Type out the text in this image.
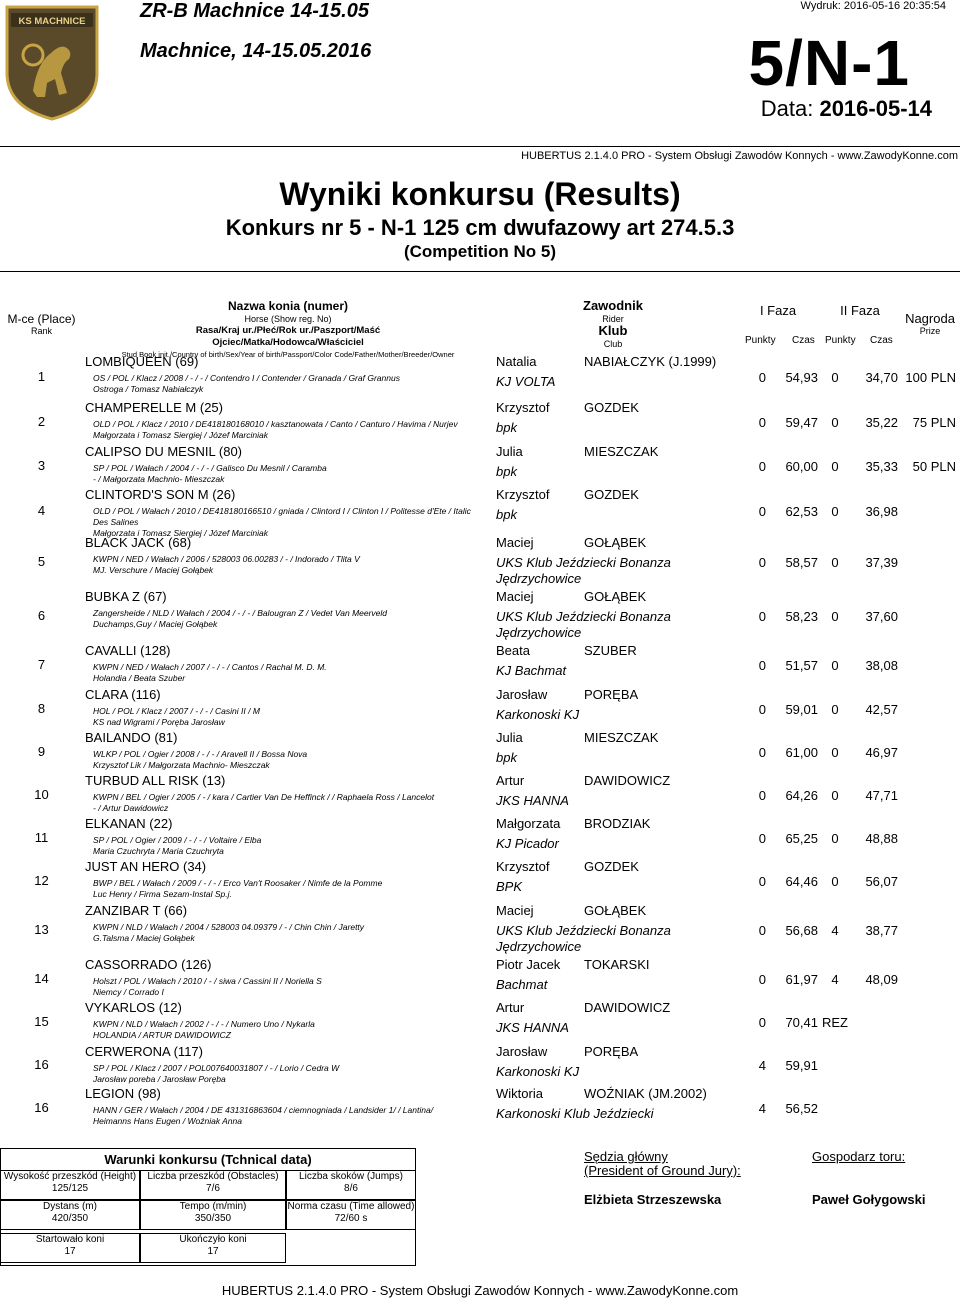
KS MACHNICE	ZR-B Machnice 14-15.05
Machnice, 14-15.05.2016
Wydruk: 2016-05-16 20:35:54
5/N-1
Data: 2016-05-14
HUBERTUS 2.1.4.0 PRO - System Obsługi Zawodów Konnych - www.ZawodyKonne.com
Wyniki konkursu (Results)
Konkurs nr 5 - N-1 125 cm dwufazowy art 274.5.3
(Competition No 5)
M-ce (Place)
Rank
Nazwa konia (numer)
Horse (Show reg. No)
Rasa/Kraj ur./Płeć/Rok ur./Paszport/Maść
Ojciec/Matka/Hodowca/Właściciel
Stud Book init./Country of birth/Sex/Year of birth/Passport/Color Code/Father/Mother/Breeder/Owner
Zawodnik
Rider
Klub
Club
I Faza	II Faza
Nagroda
Prize
Punkty Czas Punkty Czas
1
LOMBIQUEEN (69)
OS / POL / Klacz / 2008 / - / - / Contendro I / Contender / Granada / Graf Grannus
Ostroga / Tomasz Nabiałczyk
Natalia	NABIAŁCZYK (J.1999)
KJ VOLTA	0	54,93	0	34,70 100 PLN
2
CHAMPERELLE M (25)
OLD / POL / Klacz / 2010 / DE418180168010 / kasztanowata / Canto / Canturo / Havima / Nurjev
Małgorzata i Tomasz Siergiej / Józef Marciniak
Krzysztof	GOZDEK
bpk	0	59,47	0	35,22	75 PLN
3
CALIPSO DU MESNIL (80)
SP / POL / Wałach / 2004 / - / - / Galisco Du Mesnil / Caramba
- / Małgorzata Machnio- Mieszczak
Julia	MIESZCZAK
bpk	0	60,00	0	35,33	50 PLN
4
CLINTORD'S SON M (26)
OLD / POL / Wałach / 2010 / DE418180166510 / gniada / Clintord I / Clinton I / Politesse d'Ete / Italic
Des Salines
Małgorzata i Tomasz Siergiej / Józef Marciniak
Krzysztof	GOZDEK
bpk	0	62,53	0	36,98
5
BLACK JACK (68)
KWPN / NED / Wałach / 2006 / 528003 06.00283 / - / Indorado / Tlita V
MJ. Verschure / Maciej Gołąbek
Maciej	GOŁĄBEK
UKS Klub Jeździecki Bonanza
Jędrzychowice
0	58,57	0	37,39
6
BUBKA Z (67)
Zangersheide / NLD / Wałach / 2004 / - / - / Balougran Z / Vedet Van Meerveld
Duchamps,Guy / Maciej Gołąbek
Maciej	GOŁĄBEK
UKS Klub Jeździecki Bonanza
Jędrzychowice
0	58,23	0	37,60
7
CAVALLI (128)
KWPN / NED / Wałach / 2007 / - / - / Cantos / Rachal M. D. M.
Holandia / Beata Szuber
Beata	SZUBER
KJ Bachmat	0	51,57	0	38,08
8
CLARA (116)
HOL / POL / Klacz / 2007 / - / - / Casini II / M
KS nad Wigrami / Poręba Jarosław
Jarosław	PORĘBA
Karkonoski KJ	0	59,01	0	42,57
9
BAILANDO (81)
WLKP / POL / Ogier / 2008 / - / - / Aravell II / Bossa Nova
Krzysztof Lik / Małgorzata Machnio- Mieszczak
Julia	MIESZCZAK
bpk	0	61,00	0	46,97
10
TURBUD ALL RISK (13)
KWPN / BEL / Ogier / 2005 / - / kara / Cartier Van De Heffinck / / Raphaela Ross / Lancelot
- / Artur Dawidowicz
Artur	DAWIDOWICZ
JKS HANNA	0	64,26	0	47,71
11
ELKANAN (22)
SP / POL / Ogier / 2009 / - / - / Voltaire / Elba
Maria Czuchryta / Maria Czuchryta
Małgorzata BRODZIAK
KJ Picador	0	65,25	0	48,88
12
JUST AN HERO (34)
BWP / BEL / Wałach / 2009 / - / - / Erco Van't Roosaker / Nimfe de la Pomme
Luc Henry / Firma Sezam-Instal Sp.j.
Krzysztof	GOZDEK
BPK	0	64,46	0	56,07
13
ZANZIBAR T (66)
KWPN / NLD / Wałach / 2004 / 528003 04.09379 / - / Chin Chin / Jaretty
G.Talsma / Maciej Gołąbek
Maciej	GOŁĄBEK
UKS Klub Jeździecki Bonanza
Jędrzychowice
0	56,68	4	38,77
14
CASSORRADO (126)
Holszt / POL / Wałach / 2010 / - / siwa / Cassini II / Noriella S
Niemcy / Corrado I
Piotr Jacek TOKARSKI
Bachmat	0	61,97	4	48,09
15
VYKARLOS (12)
KWPN / NLD / Wałach / 2002 / - / - / Numero Uno / Nykarla
HOLANDIA / ARTUR DAWIDOWICZ
Artur	DAWIDOWICZ
JKS HANNA	0	70,41 REZ
16
CERWERONA (117)
SP / POL / Klacz / 2007 / POL007640031807 / - / Lorio / Cedra W
Jarosław poreba / Jarosław Poręba
Jarosław	PORĘBA
Karkonoski KJ	4	59,91
16
LEGION (98)
HANN / GER / Wałach / 2004 / DE 431316863604 / ciemnogniada / Landsider 1/ / Lantina/
Heimanns Hans Eugen / Woźniak Anna
Wiktoria	WOŹNIAK (JM.2002)
Karkonoski Klub Jeździecki	4	56,52
Warunki konkursu (Tchnical data)
Wysokość przeszkód (Height)
125/125
Liczba przeszkód (Obstacles)
7/6
Liczba skoków (Jumps)
8/6
Dystans (m)
420/350
Tempo (m/min)
350/350
Norma czasu (Time allowed)
72/60 s
Startowało koni
17
Ukończyło koni
17
Sędzia główny
(President of Ground Jury):
Elżbieta Strzeszewska
Gospodarz toru:
Paweł Gołygowski
HUBERTUS 2.1.4.0 PRO - System Obsługi Zawodów Konnych - www.ZawodyKonne.com
